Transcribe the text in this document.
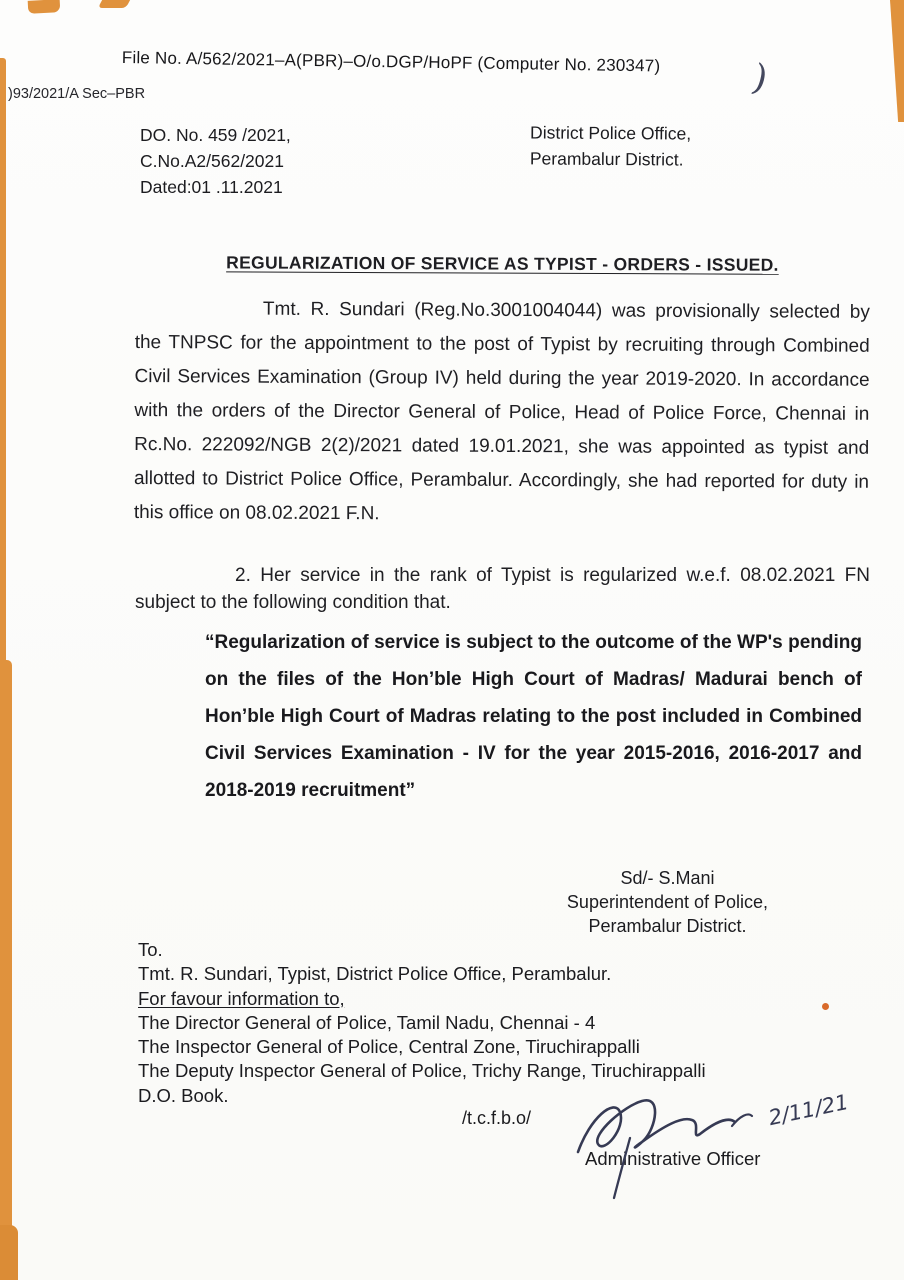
File No. A/562/2021–A(PBR)–O/o.DGP/HoPF (Computer No. 230347)
)93/2021/A Sec–PBR	)
DO. No. 459 /2021,
C.No.A2/562/2021
Dated:01 .11.2021
District Police Office,
Perambalur District.
REGULARIZATION OF SERVICE AS TYPIST - ORDERS - ISSUED.

Tmt. R. Sundari (Reg.No.3001004044) was provisionally selected by the TNPSC for the appointment to the post of Typist by recruiting through Combined Civil Services Examination (Group IV) held during the year 2019-2020. In accordance with the orders of the Director General of Police, Head of Police Force, Chennai in Rc.No. 222092/NGB 2(2)/2021 dated 19.01.2021, she was appointed as typist and allotted to District Police Office, Perambalur. Accordingly, she had reported for duty in this office on 08.02.2021 F.N.

2. Her service in the rank of Typist is regularized w.e.f. 08.02.2021 FN subject to the following condition that.

“Regularization of service is subject to the outcome of the WP's pending on the files of the Hon’ble High Court of Madras/ Madurai bench of Hon’ble High Court of Madras relating to the post included in Combined Civil Services Examination - IV for the year 2015-2016, 2016-2017 and 2018-2019 recruitment”

Sd/- S.Mani
Superintendent of Police,
Perambalur District.
To.
Tmt. R. Sundari, Typist, District Police Office, Perambalur.
For favour information to,
The Director General of Police, Tamil Nadu, Chennai - 4
The Inspector General of Police, Central Zone, Tiruchirappalli
The Deputy Inspector General of Police, Trichy Range, Tiruchirappalli
D.O. Book.
/t.c.f.b.o/	2/11/21
Administrative Officer
